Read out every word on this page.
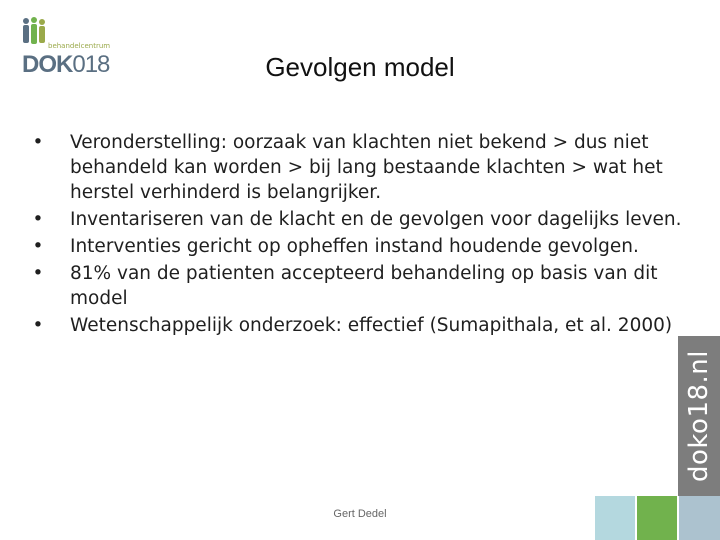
behandelcentrum
DOK018	Gevolgen model
• Veronderstelling: oorzaak van klachten niet bekend > dus niet behandeld kan worden > bij lang bestaande klachten > wat het herstel verhinderd is belangrijker.
• Inventariseren van de klacht en de gevolgen voor dagelijks leven.
• Interventies gericht op opheffen instand houdende gevolgen.
• 81% van de patienten accepteerd behandeling op basis van dit model
• Wetenschappelijk onderzoek: effectief (Sumapithala, et al. 2000)
Gert Dedel
doko18.nl
